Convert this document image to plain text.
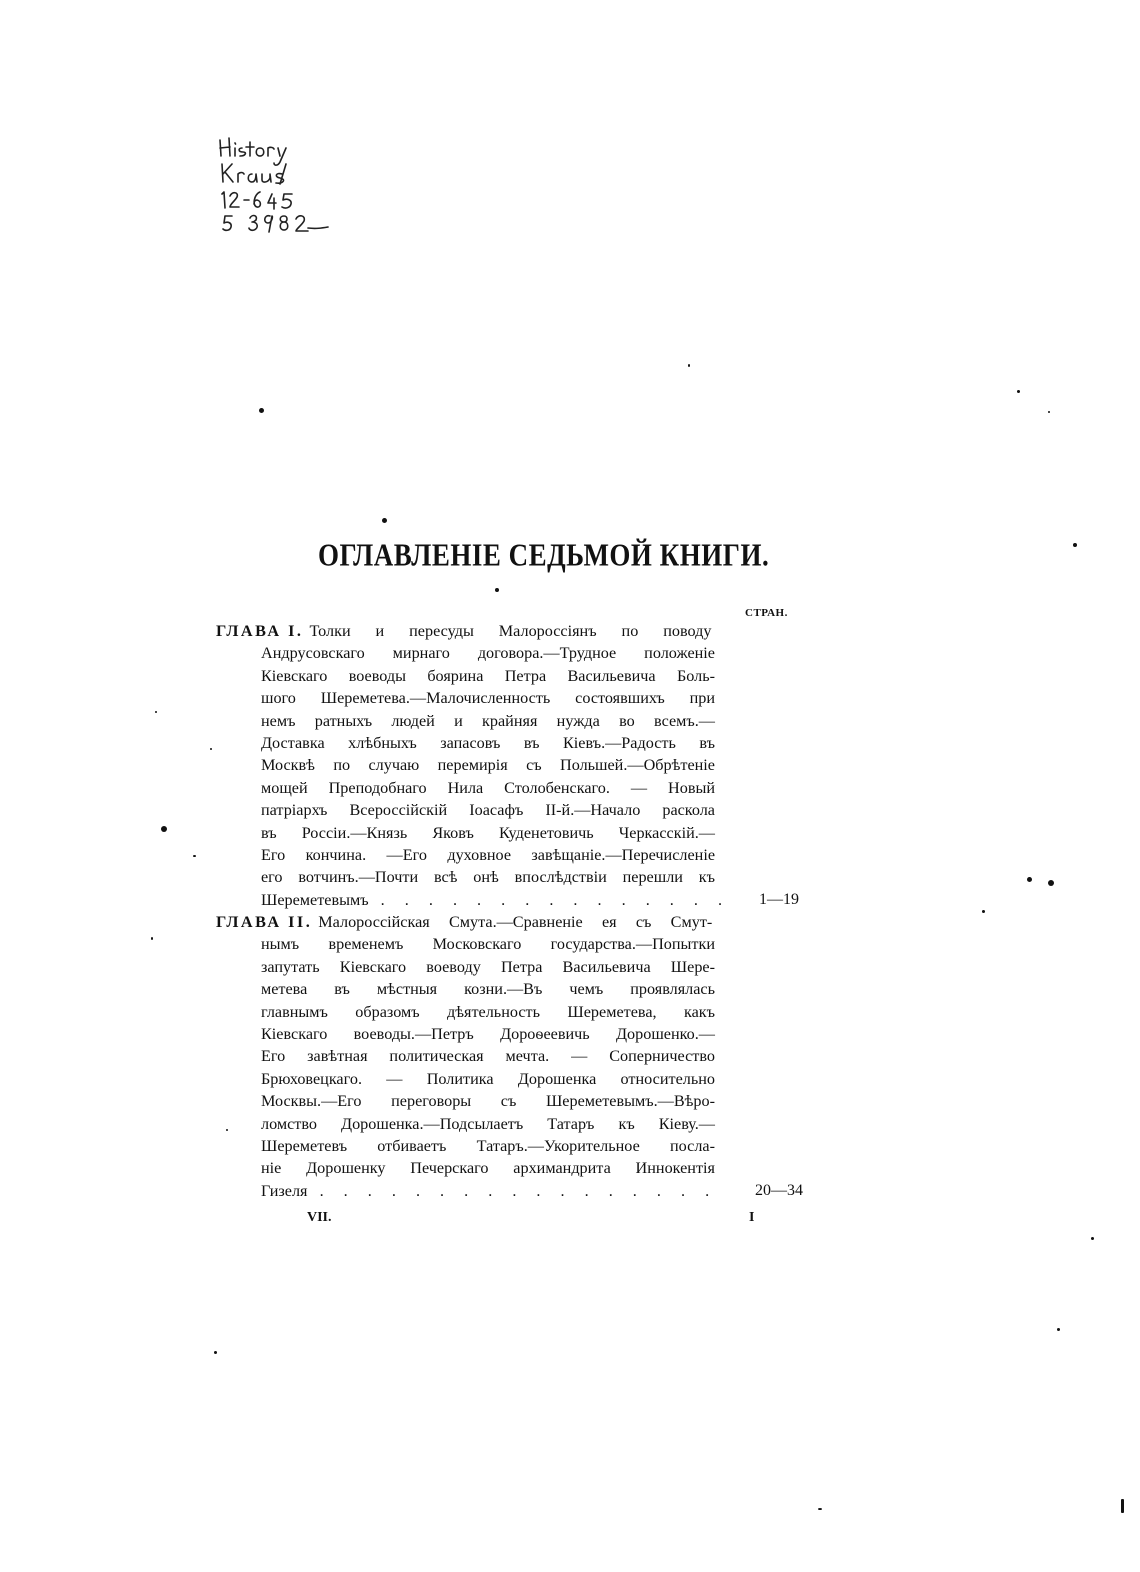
ОГЛАВЛЕНІЕ СЕДЬМОЙ КНИГИ.
СТРАН.
ГЛАВА I. Толки и пересуды Малороссіянъ по поводу
Андрусовскаго мирнаго договора.—Трудное положеніе
Кіевскаго воеводы боярина Петра Васильевича Боль-
шого Шереметева.—Малочисленность состоявшихъ при
немъ ратныхъ людей и крайняя нужда во всемъ.—
Доставка хлѣбныхъ запасовъ въ Кіевъ.—Радость въ
Москвѣ по случаю перемирія съ Польшей.—Обрѣтеніе
мощей Преподобнаго Нила Столобенскаго. — Новый
патріархъ Всероссійскій Іоасафъ II-й.—Начало раскола
въ Россіи.—Князь Яковъ Куденетовичь Черкасскій.—
Его кончина. —Его духовное завѣщаніе.—Перечисленіе
его вотчинъ.—Почти всѣ онѣ впослѣдствіи перешли къ
Шереметевымъ . . . . . . . . . . . . . . .	1—19
ГЛАВА II. Малороссійская Смута.—Сравненіе ея съ Смут-
нымъ временемъ Московскаго государства.—Попытки
запутать Кіевскаго воеводу Петра Васильевича Шере-
метева въ мѣстныя козни.—Въ чемъ проявлялась
главнымъ образомъ дѣятельность Шереметева, какъ
Кіевскаго воеводы.—Петръ Дороѳеевичь Дорошенко.—
Его завѣтная политическая мечта. — Соперничество
Брюховецкаго. — Политика Дорошенка относительно
Москвы.—Его переговоры съ Шереметевымъ.—Вѣро-
ломство Дорошенка.—Подсылаетъ Татаръ къ Кіеву.—
Шереметевъ отбиваетъ Татаръ.—Укорительное посла-
ніе Дорошенку Печерскаго архимандрита Иннокентія
Гизеля . . . . . . . . . . . . . . . . . 20—34
VII.	I
